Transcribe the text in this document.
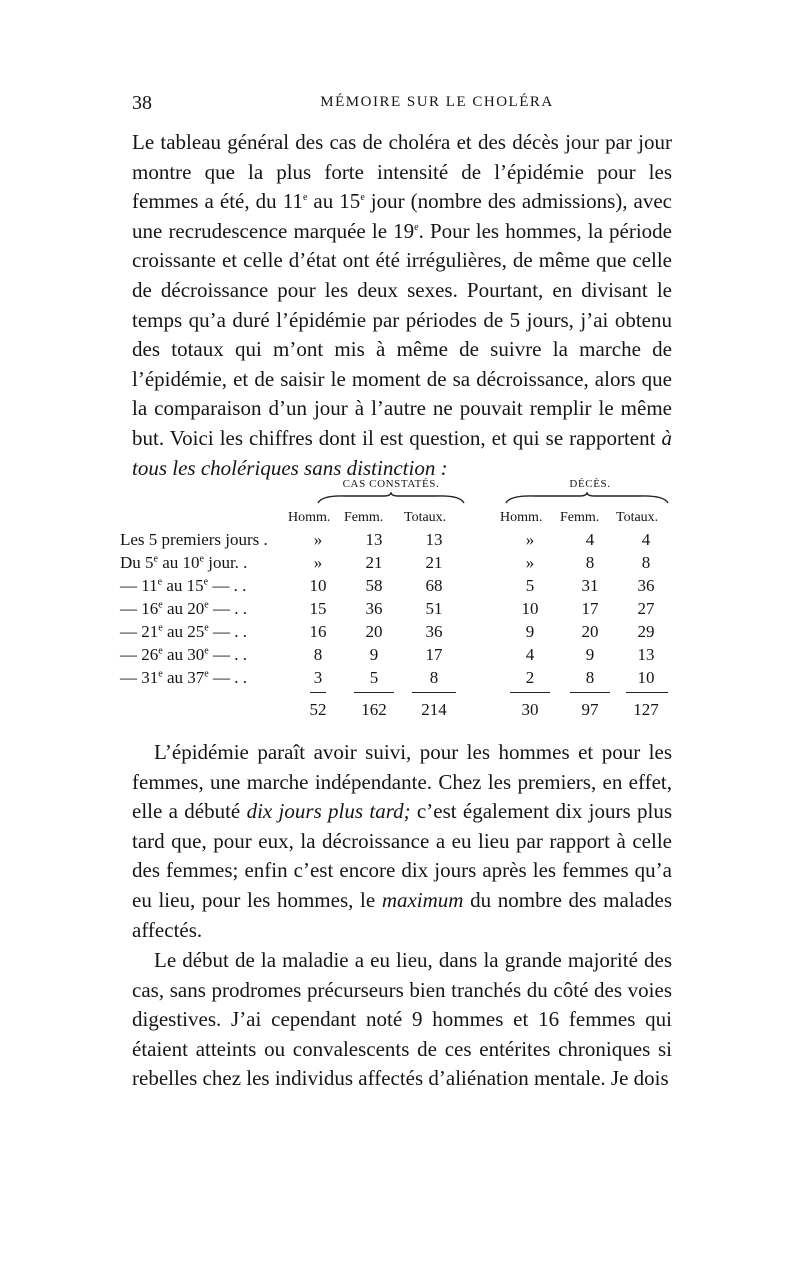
38	MÉMOIRE SUR LE CHOLÉRA

Le tableau général des cas de choléra et des décès jour par jour montre que la plus forte intensité de l’épidémie pour les femmes a été, du 11e au 15e jour (nombre des admissions), avec une recrudescence marquée le 19e. Pour les hommes, la période croissante et celle d’état ont été irrégulières, de même que celle de décroissance pour les deux sexes. Pourtant, en divisant le temps qu’a duré l’épidémie par périodes de 5 jours, j’ai obtenu des totaux qui m’ont mis à même de suivre la marche de l’épidémie, et de saisir le moment de sa décroissance, alors que la comparaison d’un jour à l’autre ne pouvait remplir le même but. Voici les chiffres dont il est question, et qui se rapportent à tous les cholériques sans distinction :

CAS CONSTATÉS.	DÉCÈS.
Homm. Femm. Totaux.	Homm. Femm. Totaux.
Les 5 premiers jours .	»	13	13	»	4	4
Du 5e au 10e jour. .	»	21	21	»	8	8
— 11e au 15e — . .	10	58	68	5	31	36
— 16e au 20e — . .	15	36	51	10	17	27
— 21e au 25e — . .	16	20	36	9	20	29
— 26e au 30e — . .	8	9	17	4	9	13
— 31e au 37e — . .	3	5	8	2	8	10
52	162	214	30	97	127

L’épidémie paraît avoir suivi, pour les hommes et pour les femmes, une marche indépendante. Chez les premiers, en effet, elle a débuté dix jours plus tard; c’est également dix jours plus tard que, pour eux, la décroissance a eu lieu par rapport à celle des femmes; enfin c’est encore dix jours après les femmes qu’a eu lieu, pour les hommes, le maximum du nombre des malades affectés.

Le début de la maladie a eu lieu, dans la grande majorité des cas, sans prodromes précurseurs bien tranchés du côté des voies digestives. J’ai cependant noté 9 hommes et 16 femmes qui étaient atteints ou convalescents de ces entérites chroniques si rebelles chez les individus affectés d’aliénation mentale. Je dois
